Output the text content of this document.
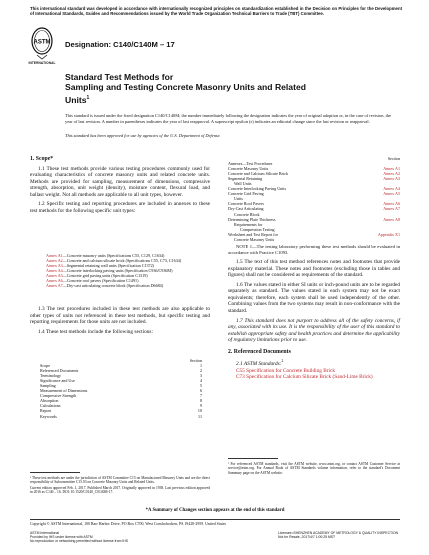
This international standard was developed in accordance with internationally recognized principles on standardization established in the Decision on Principles for the Development of International Standards, Guides and Recommendations issued by the World Trade Organization Technical Barriers to Trade (TBT) Committee.
ASTM
INTERNATIONAL
Designation: C140/C140M – 17
Standard Test Methods for
Sampling and Testing Concrete Masonry Units and Related
Units$^1$
This standard is issued under the fixed designation C140/C140M; the number immediately following the designation indicates the year of original adoption or, in the case of revision, the year of last revision. A number in parentheses indicates the year of last reapproval. A superscript epsilon (ε) indicates an editorial change since the last revision or reapproval.
This standard has been approved for use by agencies of the U.S. Department of Defense.
1. Scope*

1.1 These test methods provide various testing procedures commonly used for evaluating characteristics of concrete masonry units and related concrete units. Methods are provided for sampling, measurement of dimensions, compressive strength, absorption, unit weight (density), moisture content, flexural load, and ballast weight. Not all methods are applicable to all unit types, however.

1.2 Specific testing and reporting procedures are included in annexes to these test methods for the following specific unit types:

Annex A1—Concrete masonry units (Specifications C55, C129, C1634)
Annex A2—Concrete and calcium silicate brick (Specifications C55, C73, C1634)
Annex A3—Segmental retaining wall units (Specification C1372)
Annex A4—Concrete interlocking paving units (Specification C936/C936M)
Annex A5—Concrete grid paving units (Specification C1319)
Annex A6—Concrete roof pavers (Specification C1491)
Annex A7—Dry-cast articulating concrete block (Specification D6684)

1.3 The test procedures included in these test methods are also applicable to other types of units not referenced in these test methods, but specific testing and reporting requirements for those units are not included.

1.4 These test methods include the following sections:

Section
Scope	1
Referenced Documents	2
Terminology	3
Significance and Use	4
Sampling	5
Measurement of Dimensions	6
Compressive Strength	7
Absorption	8
Calculations	9
Report	10
Keywords	11
¹ These test methods are under the jurisdiction of ASTM Committee C15 on Manufactured Masonry Units and are the direct responsibility of Subcommittee C15.03 on Concrete Masonry Units and Related Units.
Current edition approved Feb. 1, 2017. Published March 2017. Originally approved in 1938. Last previous edition approved in 2016 as C140 – 16. DOI: 10.1520/C0140_C0140M-17.
Section
Annexes—Test Procedures
Concrete Masonry Units	Annex A1
Concrete and Calcium Silicate Brick	Annex A2
Segmental Retaining	Annex A3
Wall Units
Concrete Interlocking Paving Units	Annex A4
Concrete Grid Paving	Annex A5
Units
Concrete Roof Pavers	Annex A6
Dry-Cast Articulating	Annex A7
Concrete Block
Determining Plate Thickness	Annex A8
Requirements for
Compression Testing
Worksheet and Test Report for	Appendix X1
Concrete Masonry Units

NOTE 1—The testing laboratory performing these test methods should be evaluated in accordance with Practice C1093.

1.5 The text of this test method references notes and footnotes that provide explanatory material. These notes and footnotes (excluding those in tables and figures) shall not be considered as requirements of the standard.

1.6 The values stated in either SI units or inch-pound units are to be regarded separately as standard. The values stated in each system may not be exact equivalents; therefore, each system shall be used independently of the other. Combining values from the two systems may result in non-conformance with the standard.

1.7 This standard does not purport to address all of the safety concerns, if any, associated with its use. It is the responsibility of the user of this standard to establish appropriate safety and health practices and determine the applicability of regulatory limitations prior to use.

2. Referenced Documents
2.1 ASTM Standards:$^2$
C55 Specification for Concrete Building Brick
C73 Specification for Calcium Silicate Brick (Sand-Lime Brick)
² For referenced ASTM standards, visit the ASTM website, www.astm.org, or contact ASTM Customer Service at service@astm.org. For Annual Book of ASTM Standards volume information, refer to the standard's Document Summary page on the ASTM website.
*A Summary of Changes section appears at the end of this standard
Copyright © ASTM International, 100 Barr Harbor Drive, PO Box C700, West Conshohocken, PA 19428-2959. United States
ASTM International
Provided by IHS under license with ASTM
No reproduction or networking permitted without license from IHS
Licensee=SHENZHEN ACADEMY OF METROLOGY & QUALITY INSPECTION
Not for Resale, 2017/4/7 1:00:25 MST
